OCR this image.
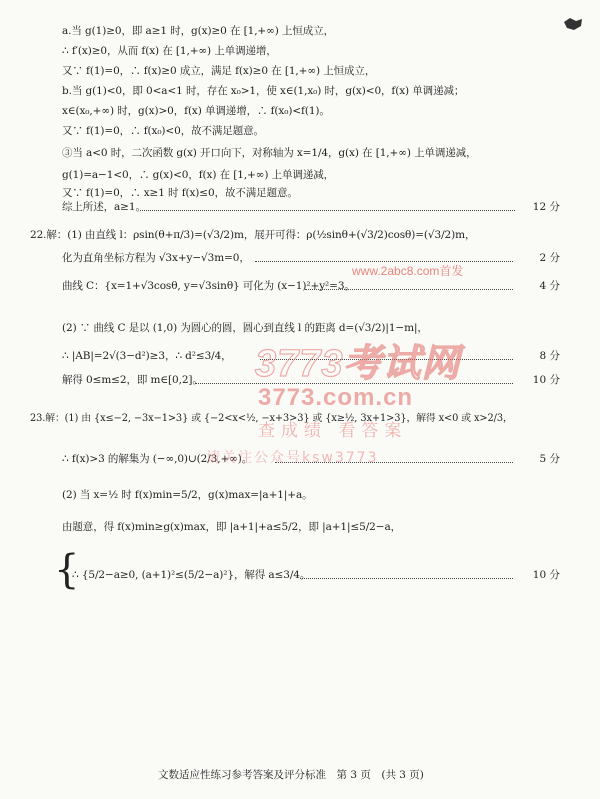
a.当 g(1)≥0，即 a≥1 时，g(x)≥0 在 [1,+∞) 上恒成立，
∴ f′(x)≥0，从而 f(x) 在 [1,+∞) 上单调递增，
又∵ f(1)=0，∴ f(x)≥0 成立，满足 f(x)≥0 在 [1,+∞) 上恒成立，
b.当 g(1)<0，即 0<a<1 时，存在 x₀>1，使 x∈(1,x₀) 时，g(x)<0，f(x) 单调递减；
x∈(x₀,+∞) 时，g(x)>0，f(x) 单调递增，∴ f(x₀)<f(1)。
又∵ f(1)=0，∴ f(x₀)<0，故不满足题意。
③当 a<0 时，二次函数 g(x) 开口向下，对称轴为 x=1/4，g(x) 在 [1,+∞) 上单调递减，
g(1)=a−1<0，∴ g(x)<0，f(x) 在 [1,+∞) 上单调递减，
又∵ f(1)=0，∴ x≥1 时 f(x)≤0，故不满足题意。
综上所述，a≥1。	12 分
22.解：(1) 由直线 l：ρsin(θ+π/3)=(√3/2)m，展开可得：ρ(½sinθ+(√3/2)cosθ)=(√3/2)m，
化为直角坐标方程为 √3x+y−√3m=0，	2 分
曲线 C：{x=1+√3cosθ, y=√3sinθ} 可化为 (x−1)²+y²=3。	4 分
(2) ∵ 曲线 C 是以 (1,0) 为圆心的圆，圆心到直线 l 的距离 d=(√3/2)|1−m|，
∴ |AB|=2√(3−d²)≥3，∴ d²≤3/4，	8 分
解得 0≤m≤2，即 m∈[0,2]。	10 分
23.解：(1) 由 {x≤−2, −3x−1>3} 或 {−2<x<½, −x+3>3} 或 {x≥½, 3x+1>3}，解得 x<0 或 x>2/3，
∴ f(x)>3 的解集为 (−∞,0)∪(2/3,+∞)。	5 分
(2) 当 x=½ 时 f(x)min=5/2，g(x)max=|a+1|+a。
由题意，得 f(x)min≥g(x)max，即 |a+1|+a≤5/2，即 |a+1|≤5/2−a，
{
∴ {5/2−a≥0, (a+1)²≤(5/2−a)²}，解得 a≤3/4。	10 分
www.2abc8.com首发
3773考试网
3773.com.cn
查成绩 看答案
请关注公众号ksw3773
文数适应性练习参考答案及评分标准　第 3 页　(共 3 页)
